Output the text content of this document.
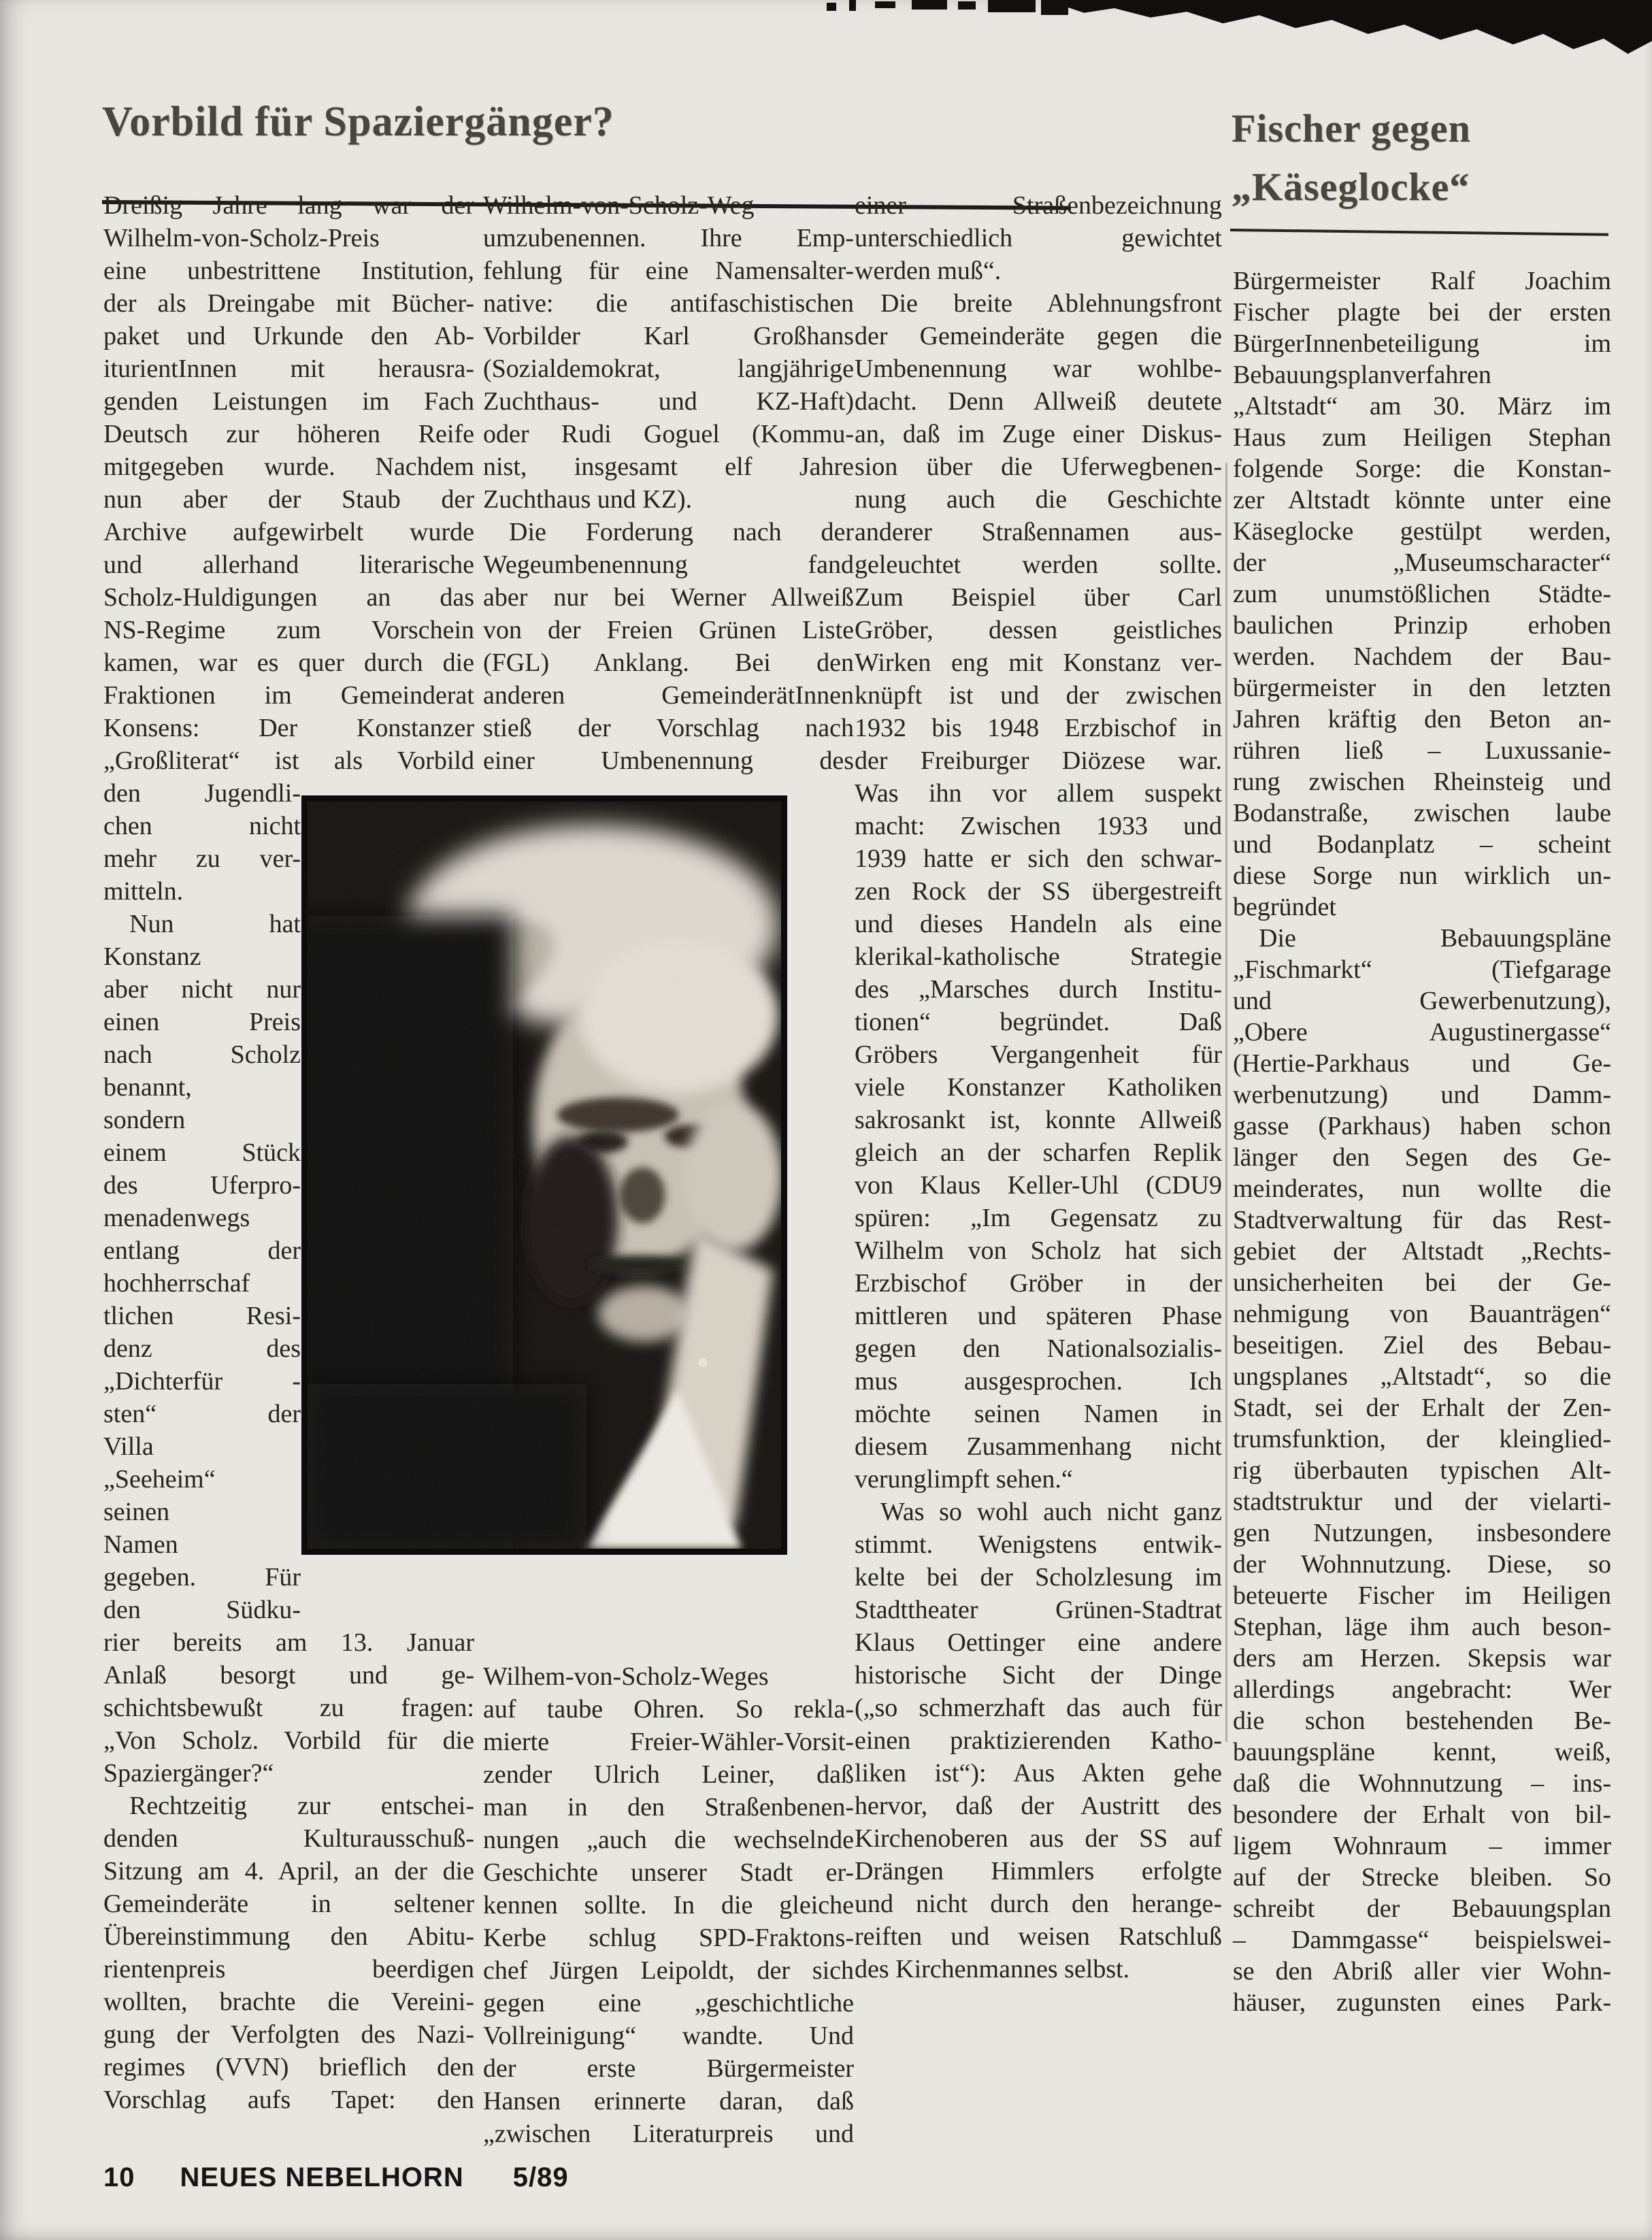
Vorbild für Spaziergänger?	Fischer gegen
„Käseglocke“
Dreißig Jahre lang war der
Wilhelm-von-Scholz-Preis
eine unbestrittene Institution,
der als Dreingabe mit Bücher-
paket und Urkunde den Ab-
iturientInnen mit herausra-
genden Leistungen im Fach
Deutsch zur höheren Reife
mitgegeben wurde. Nachdem
nun aber der Staub der
Archive aufgewirbelt wurde
und allerhand literarische
Scholz-Huldigungen an das
NS-Regime zum Vorschein
kamen, war es quer durch die
Fraktionen im Gemeinderat
Konsens: Der Konstanzer
„Großliterat“ ist als Vorbild
den Jugendli-
chen nicht
mehr zu ver-
mitteln.
 Nun hat
Konstanz
aber nicht nur
einen Preis
nach Scholz
benannt,
sondern
einem Stück
des Uferpro-
menadenwegs
entlang der
hochherrschaf
tlichen Resi-
denz des
„Dichterfür -
sten“ der
Villa
„Seeheim“
seinen
Namen
gegeben. Für
den Südku-
rier bereits am 13. Januar
Anlaß besorgt und ge-
schichtsbewußt zu fragen:
„Von Scholz. Vorbild für die
Spaziergänger?“
 Rechtzeitig zur entschei-
denden Kulturausschuß-
Sitzung am 4. April, an der die
Gemeinderäte in seltener
Übereinstimmung den Abitu-
rientenpreis beerdigen
wollten, brachte die Vereini-
gung der Verfolgten des Nazi-
regimes (VVN) brieflich den
Vorschlag aufs Tapet: den
Wilhelm-von-Scholz-Weg
umzubenennen. Ihre Emp-
fehlung für eine Namensalter-
native: die antifaschistischen
Vorbilder Karl Großhans
(Sozialdemokrat, langjährige
Zuchthaus- und KZ-Haft)
oder Rudi Goguel (Kommu-
nist, insgesamt elf Jahre
Zuchthaus und KZ).
 Die Forderung nach der
Wegeumbenennung fand
aber nur bei Werner Allweiß
von der Freien Grünen Liste
(FGL) Anklang. Bei den
anderen GemeinderätInnen
stieß der Vorschlag nach
einer Umbenennung des
Wilhem-von-Scholz-Weges
auf taube Ohren. So rekla-
mierte Freier-Wähler-Vorsit-
zender Ulrich Leiner, daß
man in den Straßenbenen-
nungen „auch die wechselnde
Geschichte unserer Stadt er-
kennen sollte. In die gleiche
Kerbe schlug SPD-Fraktons-
chef Jürgen Leipoldt, der sich
gegen eine „geschichtliche
Vollreinigung“ wandte. Und
der erste Bürgermeister
Hansen erinnerte daran, daß
„zwischen Literaturpreis und
einer Straßenbezeichnung
unterschiedlich gewichtet
werden muß“.
 Die breite Ablehnungsfront
der Gemeinderäte gegen die
Umbenennung war wohlbe-
dacht. Denn Allweiß deutete
an, daß im Zuge einer Diskus-
sion über die Uferwegbenen-
nung auch die Geschichte
anderer Straßennamen aus-
geleuchtet werden sollte.
Zum Beispiel über Carl
Gröber, dessen geistliches
Wirken eng mit Konstanz ver-
knüpft ist und der zwischen
1932 bis 1948 Erzbischof in
der Freiburger Diözese war.
Was ihn vor allem suspekt
macht: Zwischen 1933 und
1939 hatte er sich den schwar-
zen Rock der SS übergestreift
und dieses Handeln als eine
klerikal-katholische Strategie
des „Marsches durch Institu-
tionen“ begründet. Daß
Gröbers Vergangenheit für
viele Konstanzer Katholiken
sakrosankt ist, konnte Allweiß
gleich an der scharfen Replik
von Klaus Keller-Uhl (CDU9
spüren: „Im Gegensatz zu
Wilhelm von Scholz hat sich
Erzbischof Gröber in der
mittleren und späteren Phase
gegen den Nationalsozialis-
mus ausgesprochen. Ich
möchte seinen Namen in
diesem Zusammenhang nicht
verunglimpft sehen.“
 Was so wohl auch nicht ganz
stimmt. Wenigstens entwik-
kelte bei der Scholzlesung im
Stadttheater Grünen-Stadtrat
Klaus Oettinger eine andere
historische Sicht der Dinge
(„so schmerzhaft das auch für
einen praktizierenden Katho-
liken ist“): Aus Akten gehe
hervor, daß der Austritt des
Kirchenoberen aus der SS auf
Drängen Himmlers erfolgte
und nicht durch den herange-
reiften und weisen Ratschluß
des Kirchenmannes selbst.
Bürgermeister Ralf Joachim
Fischer plagte bei der ersten
BürgerInnenbeteiligung im
Bebauungsplanverfahren
„Altstadt“ am 30. März im
Haus zum Heiligen Stephan
folgende Sorge: die Konstan-
zer Altstadt könnte unter eine
Käseglocke gestülpt werden,
der „Museumscharacter“
zum unumstößlichen Städte-
baulichen Prinzip erhoben
werden. Nachdem der Bau-
bürgermeister in den letzten
Jahren kräftig den Beton an-
rühren ließ – Luxussanie-
rung zwischen Rheinsteig und
Bodanstraße, zwischen laube
und Bodanplatz – scheint
diese Sorge nun wirklich un-
begründet
 Die Bebauungspläne
„Fischmarkt“ (Tiefgarage
und Gewerbenutzung),
„Obere Augustinergasse“
(Hertie-Parkhaus und Ge-
werbenutzung) und Damm-
gasse (Parkhaus) haben schon
länger den Segen des Ge-
meinderates, nun wollte die
Stadtverwaltung für das Rest-
gebiet der Altstadt „Rechts-
unsicherheiten bei der Ge-
nehmigung von Bauanträgen“
beseitigen. Ziel des Bebau-
ungsplanes „Altstadt“, so die
Stadt, sei der Erhalt der Zen-
trumsfunktion, der kleinglied-
rig überbauten typischen Alt-
stadtstruktur und der vielarti-
gen Nutzungen, insbesondere
der Wohnnutzung. Diese, so
beteuerte Fischer im Heiligen
Stephan, läge ihm auch beson-
ders am Herzen. Skepsis war
allerdings angebracht: Wer
die schon bestehenden Be-
bauungspläne kennt, weiß,
daß die Wohnnutzung – ins-
besondere der Erhalt von bil-
ligem Wohnraum – immer
auf der Strecke bleiben. So
schreibt der Bebauungsplan
– Dammgasse“ beispielswei-
se den Abriß aller vier Wohn-
häuser, zugunsten eines Park-
10 NEUES NEBELHORN 5/89
